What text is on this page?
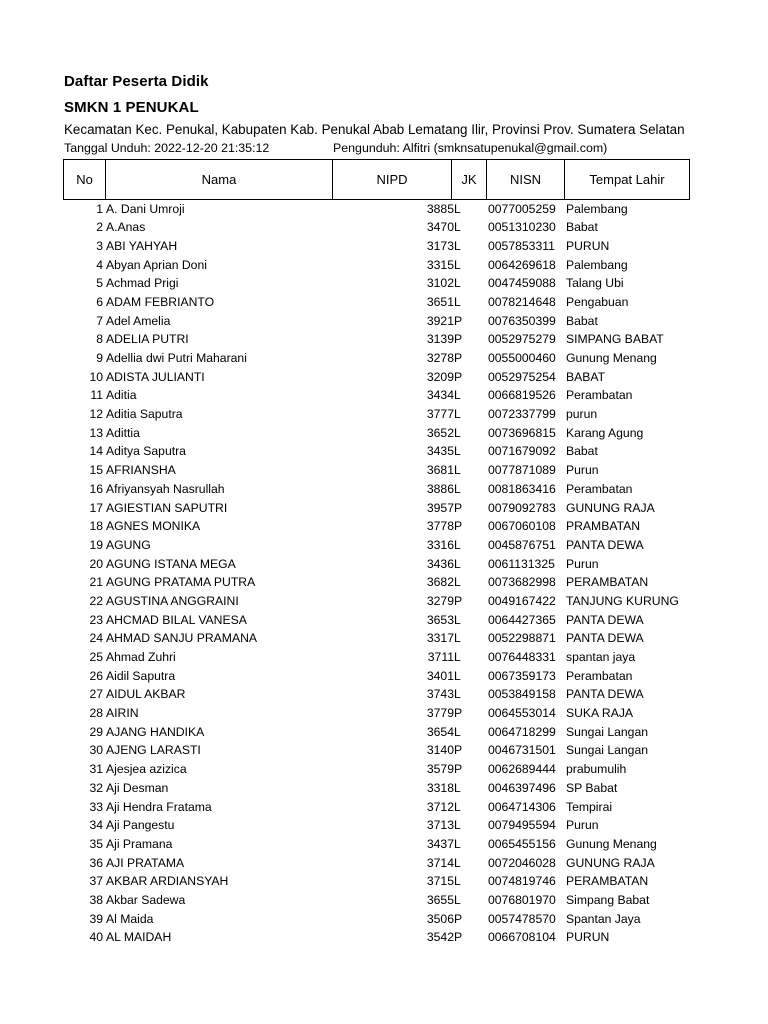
Daftar Peserta Didik
SMKN 1 PENUKAL
Kecamatan Kec. Penukal, Kabupaten Kab. Penukal Abab Lematang Ilir, Provinsi Prov. Sumatera Selatan
Tanggal Unduh: 2022-12-20 21:35:12	Pengunduh: Alfitri (smknsatupenukal@gmail.com)
No	Nama	NIPD	JK	NISN	Tempat Lahir
1 A. Dani Umroji	3885 L 0077005259 Palembang
2 A.Anas	3470 L 0051310230 Babat
3 ABI YAHYAH	3173 L 0057853311 PURUN
4 Abyan Aprian Doni	3315 L 0064269618 Palembang
5 Achmad Prigi	3102 L 0047459088 Talang Ubi
6 ADAM FEBRIANTO	3651 L 0078214648 Pengabuan
7 Adel Amelia	3921 P 0076350399 Babat
8 ADELIA PUTRI	3139 P 0052975279 SIMPANG BABAT
9 Adellia dwi Putri Maharani	3278 P 0055000460 Gunung Menang
10 ADISTA JULIANTI	3209 P 0052975254 BABAT
11 Aditia	3434 L 0066819526 Perambatan
12 Aditia Saputra	3777 L 0072337799 purun
13 Adittia	3652 L 0073696815 Karang Agung
14 Aditya Saputra	3435 L 0071679092 Babat
15 AFRIANSHA	3681 L 0077871089 Purun
16 Afriyansyah Nasrullah	3886 L 0081863416 Perambatan
17 AGIESTIAN SAPUTRI	3957 P 0079092783 GUNUNG RAJA
18 AGNES MONIKA	3778 P 0067060108 PRAMBATAN
19 AGUNG	3316 L 0045876751 PANTA DEWA
20 AGUNG ISTANA MEGA	3436 L 0061131325 Purun
21 AGUNG PRATAMA PUTRA	3682 L 0073682998 PERAMBATAN
22 AGUSTINA ANGGRAINI	3279 P 0049167422 TANJUNG KURUNG
23 AHCMAD BILAL VANESA	3653 L 0064427365 PANTA DEWA
24 AHMAD SANJU PRAMANA	3317 L 0052298871 PANTA DEWA
25 Ahmad Zuhri	3711 L 0076448331 spantan jaya
26 Aidil Saputra	3401 L 0067359173 Perambatan
27 AIDUL AKBAR	3743 L 0053849158 PANTA DEWA
28 AIRIN	3779 P 0064553014 SUKA RAJA
29 AJANG HANDIKA	3654 L 0064718299 Sungai Langan
30 AJENG LARASTI	3140 P 0046731501 Sungai Langan
31 Ajesjea azizica	3579 P 0062689444 prabumulih
32 Aji Desman	3318 L 0046397496 SP Babat
33 Aji Hendra Fratama	3712 L 0064714306 Tempirai
34 Aji Pangestu	3713 L 0079495594 Purun
35 Aji Pramana	3437 L 0065455156 Gunung Menang
36 AJI PRATAMA	3714 L 0072046028 GUNUNG RAJA
37 AKBAR ARDIANSYAH	3715 L 0074819746 PERAMBATAN
38 Akbar Sadewa	3655 L 0076801970 Simpang Babat
39 Al Maida	3506 P 0057478570 Spantan Jaya
40 AL MAIDAH	3542 P 0066708104 PURUN
